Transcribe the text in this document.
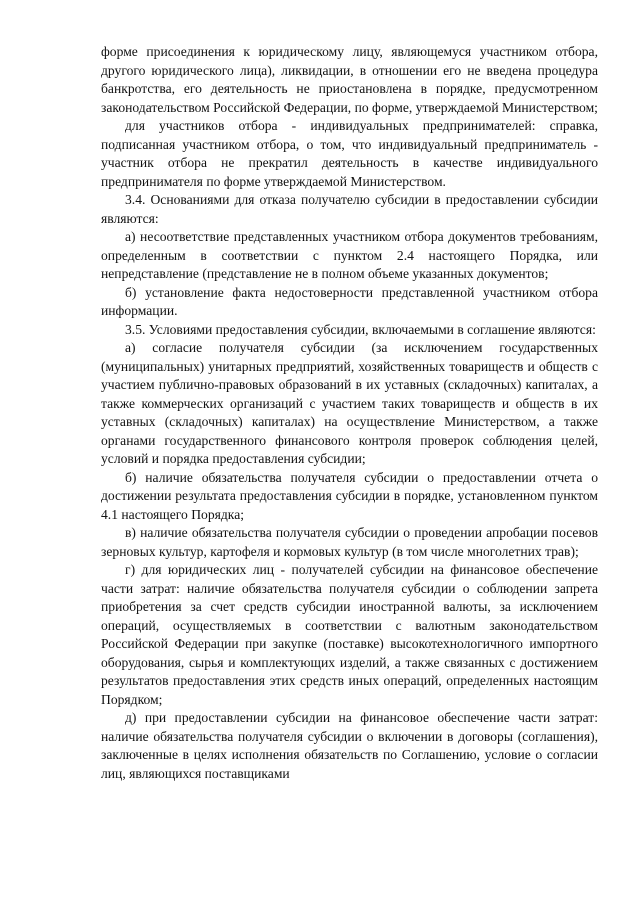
форме присоединения к юридическому лицу, являющемуся участником отбора, другого юридического лица), ликвидации, в отношении его не введена процедура банкротства, его деятельность не приостановлена в порядке, предусмотренном законодательством Российской Федерации, по форме, утверждаемой Министерством;

для участников отбора - индивидуальных предпринимателей: справка, подписанная участником отбора, о том, что индивидуальный предприниматель - участник отбора не прекратил деятельность в качестве индивидуального предпринимателя по форме утверждаемой Министерством.

3.4. Основаниями для отказа получателю субсидии в предоставлении субсидии являются:

а) несоответствие представленных участником отбора документов требованиям, определенным в соответствии с пунктом 2.4 настоящего Порядка, или непредставление (представление не в полном объеме указанных документов;

б) установление факта недостоверности представленной участником отбора информации.

3.5. Условиями предоставления субсидии, включаемыми в соглашение являются:

а) согласие получателя субсидии (за исключением государственных (муниципальных) унитарных предприятий, хозяйственных товариществ и обществ с участием публично-правовых образований в их уставных (складочных) капиталах, а также коммерческих организаций с участием таких товариществ и обществ в их уставных (складочных) капиталах) на осуществление Министерством, а также органами государственного финансового контроля проверок соблюдения целей, условий и порядка предоставления субсидии;

б) наличие обязательства получателя субсидии о предоставлении отчета о достижении результата предоставления субсидии в порядке, установленном пунктом 4.1 настоящего Порядка;

в) наличие обязательства получателя субсидии о проведении апробации посевов зерновых культур, картофеля и кормовых культур (в том числе многолетних трав);

г) для юридических лиц - получателей субсидии на финансовое обеспечение части затрат: наличие обязательства получателя субсидии о соблюдении запрета приобретения за счет средств субсидии иностранной валюты, за исключением операций, осуществляемых в соответствии с валютным законодательством Российской Федерации при закупке (поставке) высокотехнологичного импортного оборудования, сырья и комплектующих изделий, а также связанных с достижением результатов предоставления этих средств иных операций, определенных настоящим Порядком;

д) при предоставлении субсидии на финансовое обеспечение части затрат: наличие обязательства получателя субсидии о включении в договоры (соглашения), заключенные в целях исполнения обязательств по Соглашению, условие о согласии лиц, являющихся поставщиками
